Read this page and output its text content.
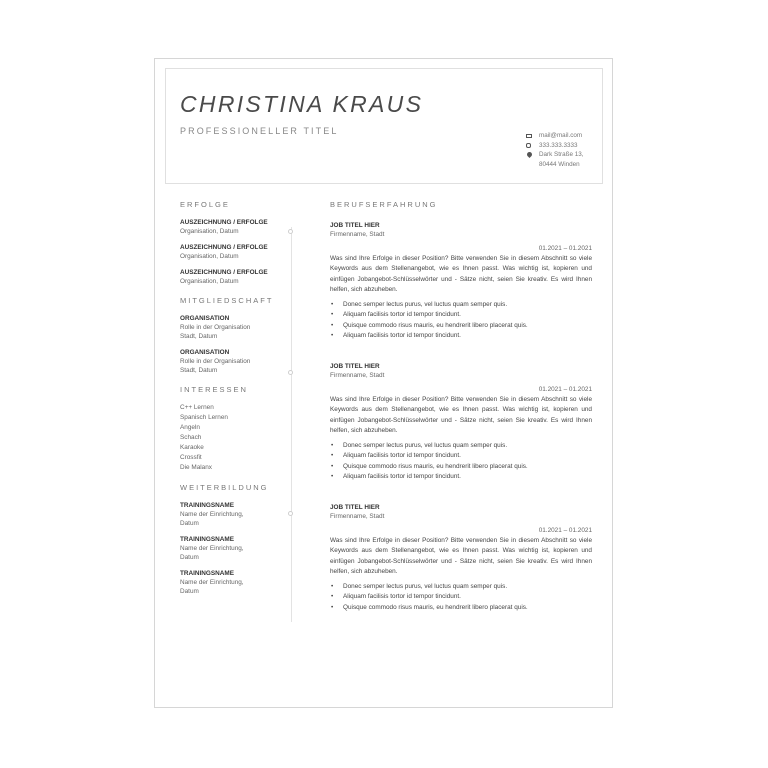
CHRISTINA KRAUS
PROFESSIONELLER TITEL	mail@mail.com
333.333.3333
Dark Straße 13,
80444 Winden
ERFOLGE
AUSZEICHNUNG / ERFOLGE
Organisation, Datum
AUSZEICHNUNG / ERFOLGE
Organisation, Datum
AUSZEICHNUNG / ERFOLGE
Organisation, Datum
MITGLIEDSCHAFT
ORGANISATION
Rolle in der Organisation
Stadt, Datum
ORGANISATION
Rolle in der Organisation
Stadt, Datum
INTERESSEN
C++ Lernen
Spanisch Lernen
Angeln
Schach
Karaoke
Crossfit
Die Malanx
WEITERBILDUNG
TRAININGSNAME
Name der Einrichtung,
Datum
TRAININGSNAME
Name der Einrichtung,
Datum
TRAININGSNAME
Name der Einrichtung,
Datum
BERUFSERFAHRUNG
JOB TITEL HIER
Firmenname, Stadt
01.2021 – 01.2021
Was sind Ihre Erfolge in dieser Position? Bitte verwenden Sie in diesem Abschnitt so viele Keywords aus dem Stellenangebot, wie es Ihnen passt. Was wichtig ist, kopieren und einfügen Jobangebot-Schlüsselwörter und - Sätze nicht, seien Sie kreativ. Es wird Ihnen helfen, sich abzuheben.
• Donec semper lectus purus, vel luctus quam semper quis.
• Aliquam facilisis tortor id tempor tincidunt.
• Quisque commodo risus mauris, eu hendrerit libero placerat quis.
• Aliquam facilisis tortor id tempor tincidunt.
JOB TITEL HIER
Firmenname, Stadt
01.2021 – 01.2021
Was sind Ihre Erfolge in dieser Position? Bitte verwenden Sie in diesem Abschnitt so viele Keywords aus dem Stellenangebot, wie es Ihnen passt. Was wichtig ist, kopieren und einfügen Jobangebot-Schlüsselwörter und - Sätze nicht, seien Sie kreativ. Es wird Ihnen helfen, sich abzuheben.
• Donec semper lectus purus, vel luctus quam semper quis.
• Aliquam facilisis tortor id tempor tincidunt.
• Quisque commodo risus mauris, eu hendrerit libero placerat quis.
• Aliquam facilisis tortor id tempor tincidunt.
JOB TITEL HIER
Firmenname, Stadt
01.2021 – 01.2021
Was sind Ihre Erfolge in dieser Position? Bitte verwenden Sie in diesem Abschnitt so viele Keywords aus dem Stellenangebot, wie es Ihnen passt. Was wichtig ist, kopieren und einfügen Jobangebot-Schlüsselwörter und - Sätze nicht, seien Sie kreativ. Es wird Ihnen helfen, sich abzuheben.
• Donec semper lectus purus, vel luctus quam semper quis.
• Aliquam facilisis tortor id tempor tincidunt.
• Quisque commodo risus mauris, eu hendrerit libero placerat quis.
